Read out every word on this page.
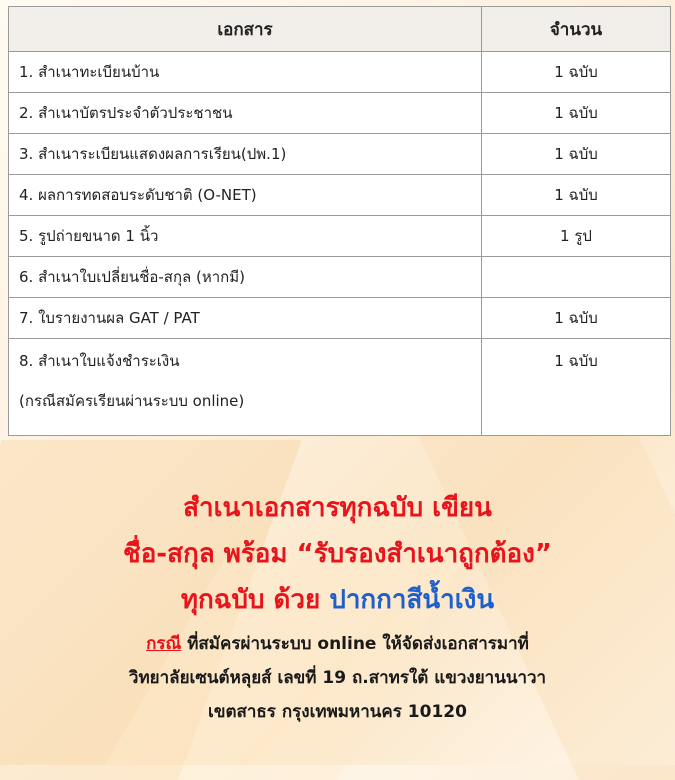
เอกสาร	จำนวน
1. สำเนาทะเบียนบ้าน	1 ฉบับ
2. สำเนาบัตรประจำตัวประชาชน	1 ฉบับ
3. สำเนาระเบียนแสดงผลการเรียน(ปพ.1)	1 ฉบับ
4. ผลการทดสอบระดับชาติ (O-NET)	1 ฉบับ
5. รูปถ่ายขนาด 1 นิ้ว	1 รูป
6. สำเนาใบเปลี่ยนชื่อ-สกุล (หากมี)	
7. ใบรายงานผล GAT / PAT	1 ฉบับ

8. สำเนาใบแจ้งชำระเงิน
(กรณีสมัครเรียนผ่านระบบ online)	1 ฉบับ

สำเนาเอกสารทุกฉบับ เขียน

ชื่อ-สกุล พร้อม “รับรองสำเนาถูกต้อง”

ทุกฉบับ ด้วย ปากกาสีน้ำเงิน

กรณี ที่สมัครผ่านระบบ online ให้จัดส่งเอกสารมาที่

วิทยาลัยเซนต์หลุยส์ เลขที่ 19 ถ.สาทรใต้ แขวงยานนาวา

เขตสาธร กรุงเทพมหานคร 10120
